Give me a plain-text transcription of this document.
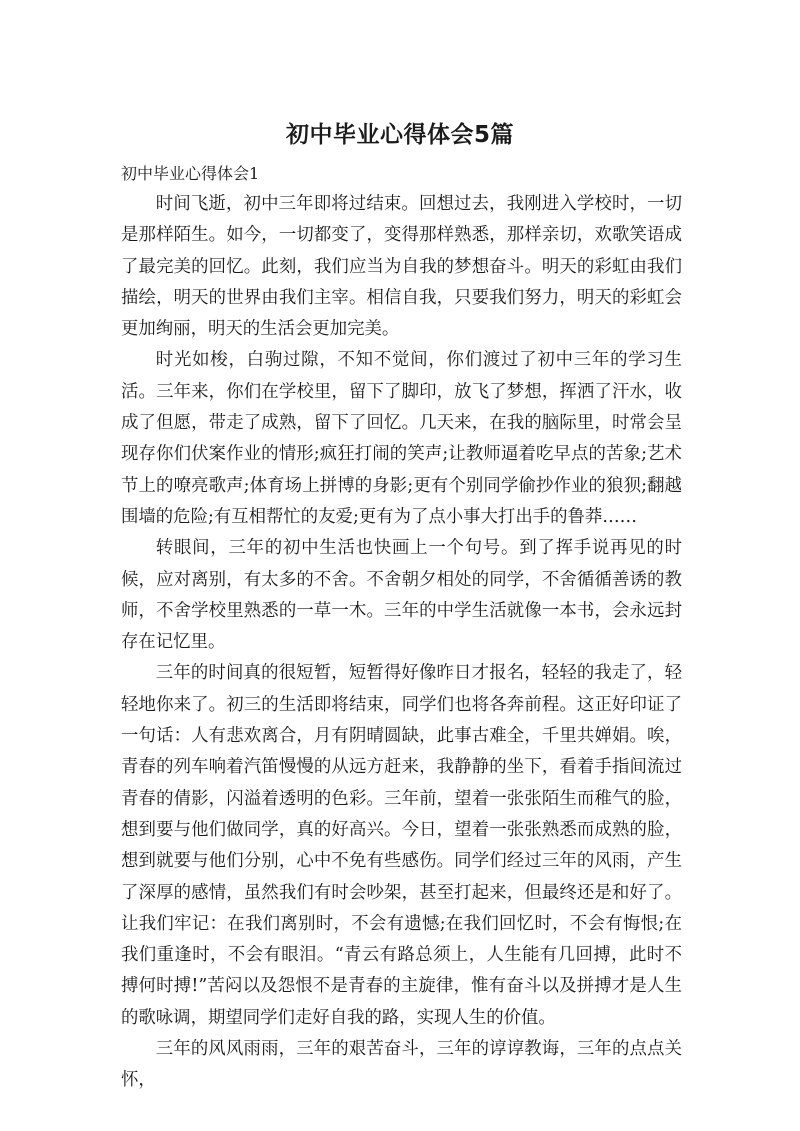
初中毕业心得体会5篇
初中毕业心得体会1

时间飞逝，初中三年即将过结束。回想过去，我刚进入学校时，一切是那样陌生。如今，一切都变了，变得那样熟悉，那样亲切，欢歌笑语成了最完美的回忆。此刻，我们应当为自我的梦想奋斗。明天的彩虹由我们描绘，明天的世界由我们主宰。相信自我，只要我们努力，明天的彩虹会更加绚丽，明天的生活会更加完美。

时光如梭，白驹过隙，不知不觉间，你们渡过了初中三年的学习生活。三年来，你们在学校里，留下了脚印，放飞了梦想，挥洒了汗水，收成了但愿，带走了成熟，留下了回忆。几天来，在我的脑际里，时常会呈现存你们伏案作业的情形;疯狂打闹的笑声;让教师逼着吃早点的苦象;艺术节上的嘹亮歌声;体育场上拼博的身影;更有个别同学偷抄作业的狼狈;翻越围墙的危险;有互相帮忙的友爱;更有为了点小事大打出手的鲁莽……

转眼间，三年的初中生活也快画上一个句号。到了挥手说再见的时候，应对离别，有太多的不舍。不舍朝夕相处的同学，不舍循循善诱的教师，不舍学校里熟悉的一草一木。三年的中学生活就像一本书，会永远封存在记忆里。

三年的时间真的很短暂，短暂得好像昨日才报名，轻轻的我走了，轻轻地你来了。初三的生活即将结束，同学们也将各奔前程。这正好印证了一句话：人有悲欢离合，月有阴晴圆缺，此事古难全，千里共婵娟。唉，青春的列车响着汽笛慢慢的从远方赶来，我静静的坐下，看着手指间流过青春的倩影，闪溢着透明的色彩。三年前，望着一张张陌生而稚气的脸，想到要与他们做同学，真的好高兴。今日，望着一张张熟悉而成熟的脸，想到就要与他们分别，心中不免有些感伤。同学们经过三年的风雨，产生了深厚的感情，虽然我们有时会吵架，甚至打起来，但最终还是和好了。让我们牢记：在我们离别时，不会有遗憾;在我们回忆时，不会有悔恨;在我们重逢时，不会有眼泪。“青云有路总须上，人生能有几回搏，此时不搏何时搏!”苦闷以及怨恨不是青春的主旋律，惟有奋斗以及拼搏才是人生的歌咏调，期望同学们走好自我的路，实现人生的价值。

三年的风风雨雨，三年的艰苦奋斗，三年的谆谆教诲，三年的点点关怀，
